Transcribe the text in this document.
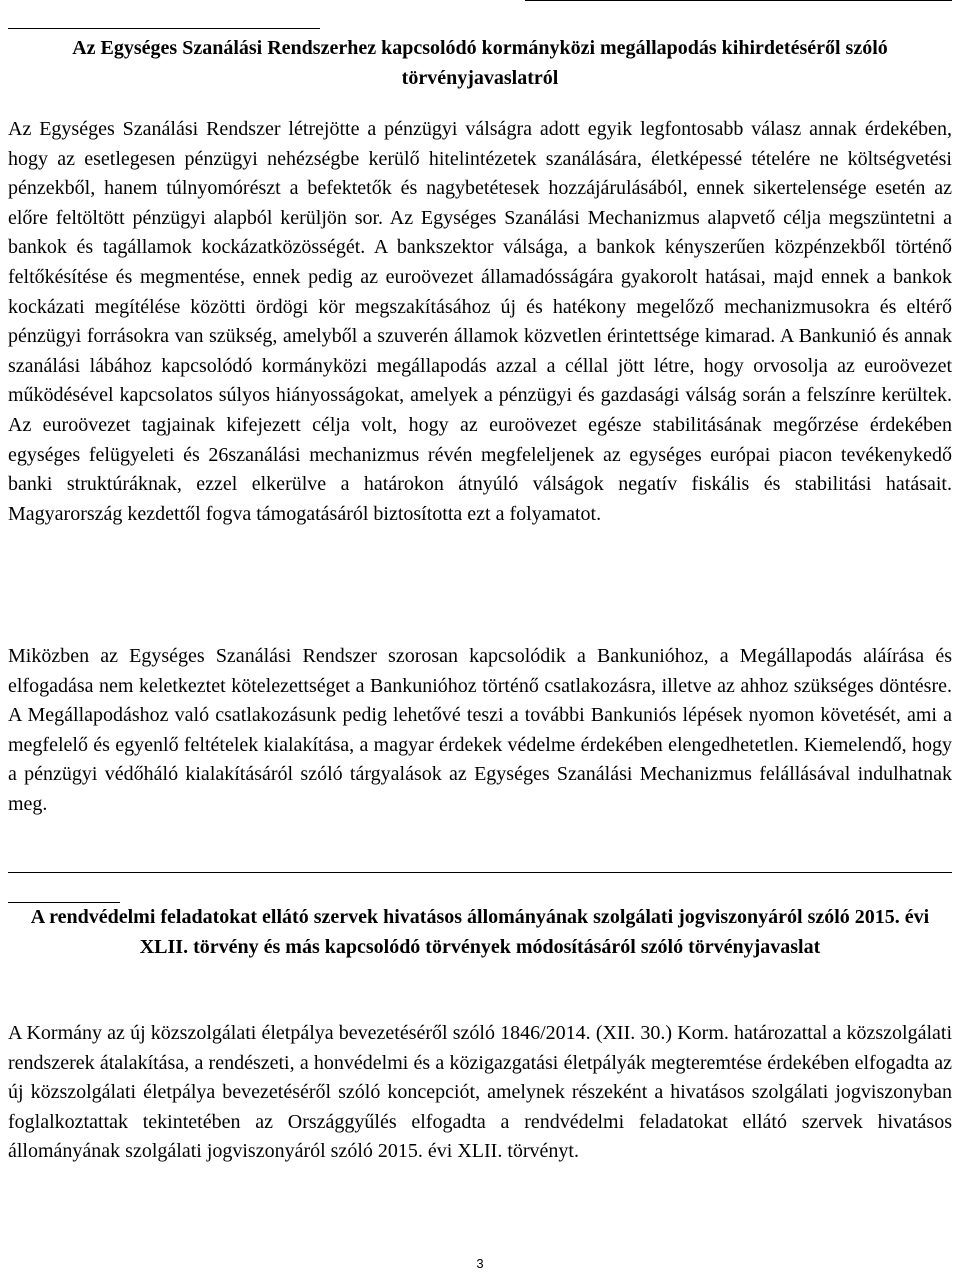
Az Egységes Szanálási Rendszerhez kapcsolódó kormányközi megállapodás kihirdetéséről szóló törvényjavaslatról

Az Egységes Szanálási Rendszer létrejötte a pénzügyi válságra adott egyik legfontosabb válasz annak érdekében, hogy az esetlegesen pénzügyi nehézségbe kerülő hitelintézetek szanálására, életképessé tételére ne költségvetési pénzekből, hanem túlnyomórészt a befektetők és nagybetétesek hozzájárulásából, ennek sikertelensége esetén az előre feltöltött pénzügyi alapból kerüljön sor. Az Egységes Szanálási Mechanizmus alapvető célja megszüntetni a bankok és tagállamok kockázatközösségét. A bankszektor válsága, a bankok kényszerűen közpénzekből történő feltőkésítése és megmentése, ennek pedig az euroövezet államadósságára gyakorolt hatásai, majd ennek a bankok kockázati megítélése közötti ördögi kör megszakításához új és hatékony megelőző mechanizmusokra és eltérő pénzügyi forrásokra van szükség, amelyből a szuverén államok közvetlen érintettsége kimarad. A Bankunió és annak szanálási lábához kapcsolódó kormányközi megállapodás azzal a céllal jött létre, hogy orvosolja az euroövezet működésével kapcsolatos súlyos hiányosságokat, amelyek a pénzügyi és gazdasági válság során a felszínre kerültek. Az euroövezet tagjainak kifejezett célja volt, hogy az euroövezet egésze stabilitásának megőrzése érdekében egységes felügyeleti és 26szanálási mechanizmus révén megfeleljenek az egységes európai piacon tevékenykedő banki struktúráknak, ezzel elkerülve a határokon átnyúló válságok negatív fiskális és stabilitási hatásait. Magyarország kezdettől fogva támogatásáról biztosította ezt a folyamatot.

Miközben az Egységes Szanálási Rendszer szorosan kapcsolódik a Bankunióhoz, a Megállapodás aláírása és elfogadása nem keletkeztet kötelezettséget a Bankunióhoz történő csatlakozásra, illetve az ahhoz szükséges döntésre. A Megállapodáshoz való csatlakozásunk pedig lehetővé teszi a további Bankuniós lépések nyomon követését, ami a megfelelő és egyenlő feltételek kialakítása, a magyar érdekek védelme érdekében elengedhetetlen. Kiemelendő, hogy a pénzügyi védőháló kialakításáról szóló tárgyalások az Egységes Szanálási Mechanizmus felállásával indulhatnak meg.

A rendvédelmi feladatokat ellátó szervek hivatásos állományának szolgálati jogviszonyáról szóló 2015. évi XLII. törvény és más kapcsolódó törvények módosításáról szóló törvényjavaslat

A Kormány az új közszolgálati életpálya bevezetéséről szóló 1846/2014. (XII. 30.) Korm. határozattal a közszolgálati rendszerek átalakítása, a rendészeti, a honvédelmi és a közigazgatási életpályák megteremtése érdekében elfogadta az új közszolgálati életpálya bevezetéséről szóló koncepciót, amelynek részeként a hivatásos szolgálati jogviszonyban foglalkoztattak tekintetében az Országgyűlés elfogadta a rendvédelmi feladatokat ellátó szervek hivatásos állományának szolgálati jogviszonyáról szóló 2015. évi XLII. törvényt.

3
